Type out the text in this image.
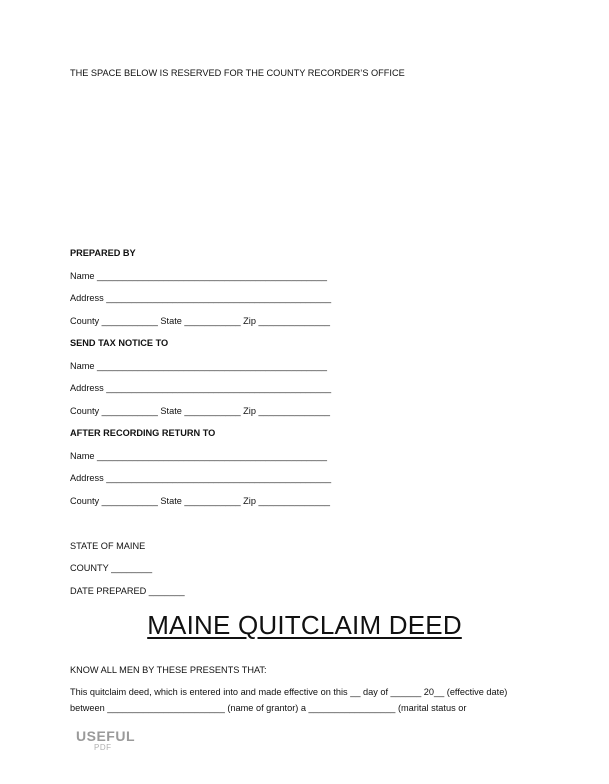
THE SPACE BELOW IS RESERVED FOR THE COUNTY RECORDER’S OFFICE
PREPARED BY
Name _____________________________________________
Address ____________________________________________
County ___________ State ___________ Zip ______________
SEND TAX NOTICE TO
Name _____________________________________________
Address ____________________________________________
County ___________ State ___________ Zip ______________
AFTER RECORDING RETURN TO
Name _____________________________________________
Address ____________________________________________
County ___________ State ___________ Zip ______________
STATE OF MAINE
COUNTY ________
DATE PREPARED _______
MAINE QUITCLAIM DEED
KNOW ALL MEN BY THESE PRESENTS THAT:
This quitclaim deed, which is entered into and made effective on this __ day of ______ 20__ (effective date) between _______________________ (name of grantor) a _________________ (marital status or
USEFUL
PDF
